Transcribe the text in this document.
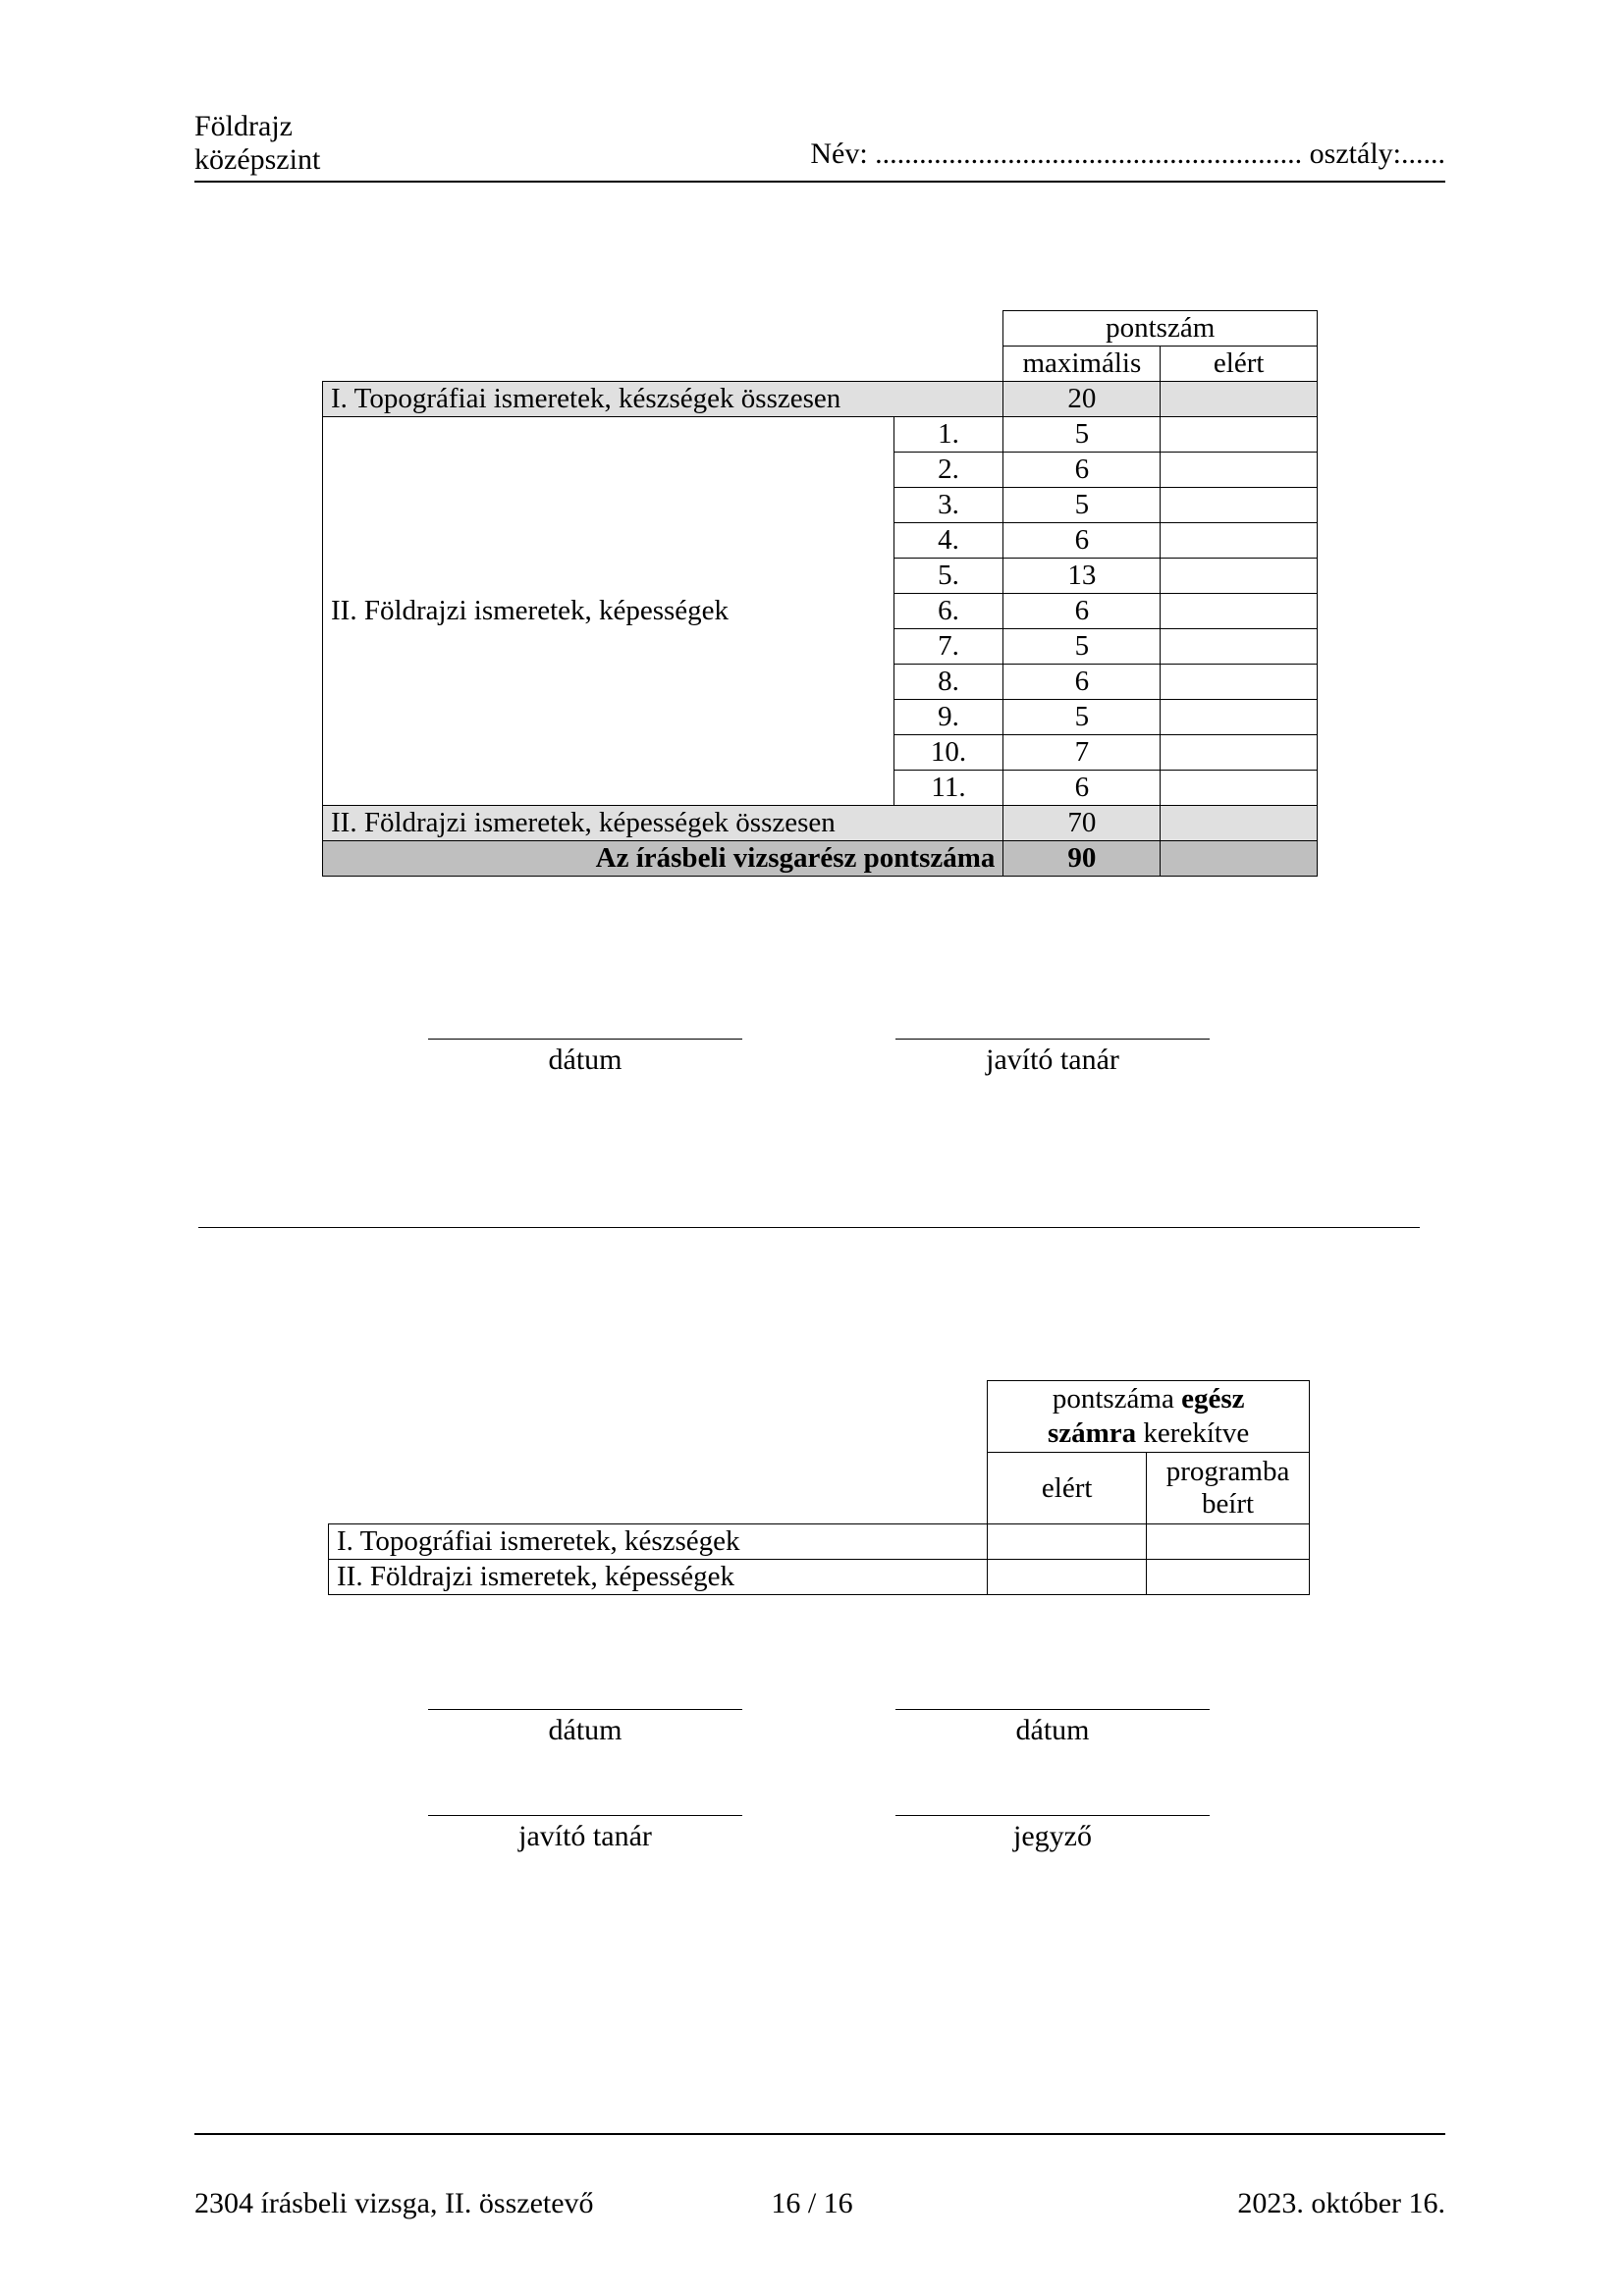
Földrajz
középszint	Név: .......................................................... osztály:......
		pontszám	
		maximális	elért
I. Topográfiai ismeretek, készségek összesen		20	
II. Földrajzi ismeretek, képességek	1.	5	
	2.	6	
	3.	5	
	4.	6	
	5.	13	
	6.	6	
	7.	5	
	8.	6	
	9.	5	
	10.	7	
	11.	6	
II. Földrajzi ismeretek, képességek összesen		70	
Az írásbeli vizsgarész pontszáma		90	
dátum	javító tanár
	pontszáma egész
számra kerekítve	
	elért	programba
beírt
I. Topográfiai ismeretek, készségek		
II. Földrajzi ismeretek, képességek		
dátum	dátum
javító tanár	jegyző
2304 írásbeli vizsga, II. összetevő	16 / 16	2023. október 16.
